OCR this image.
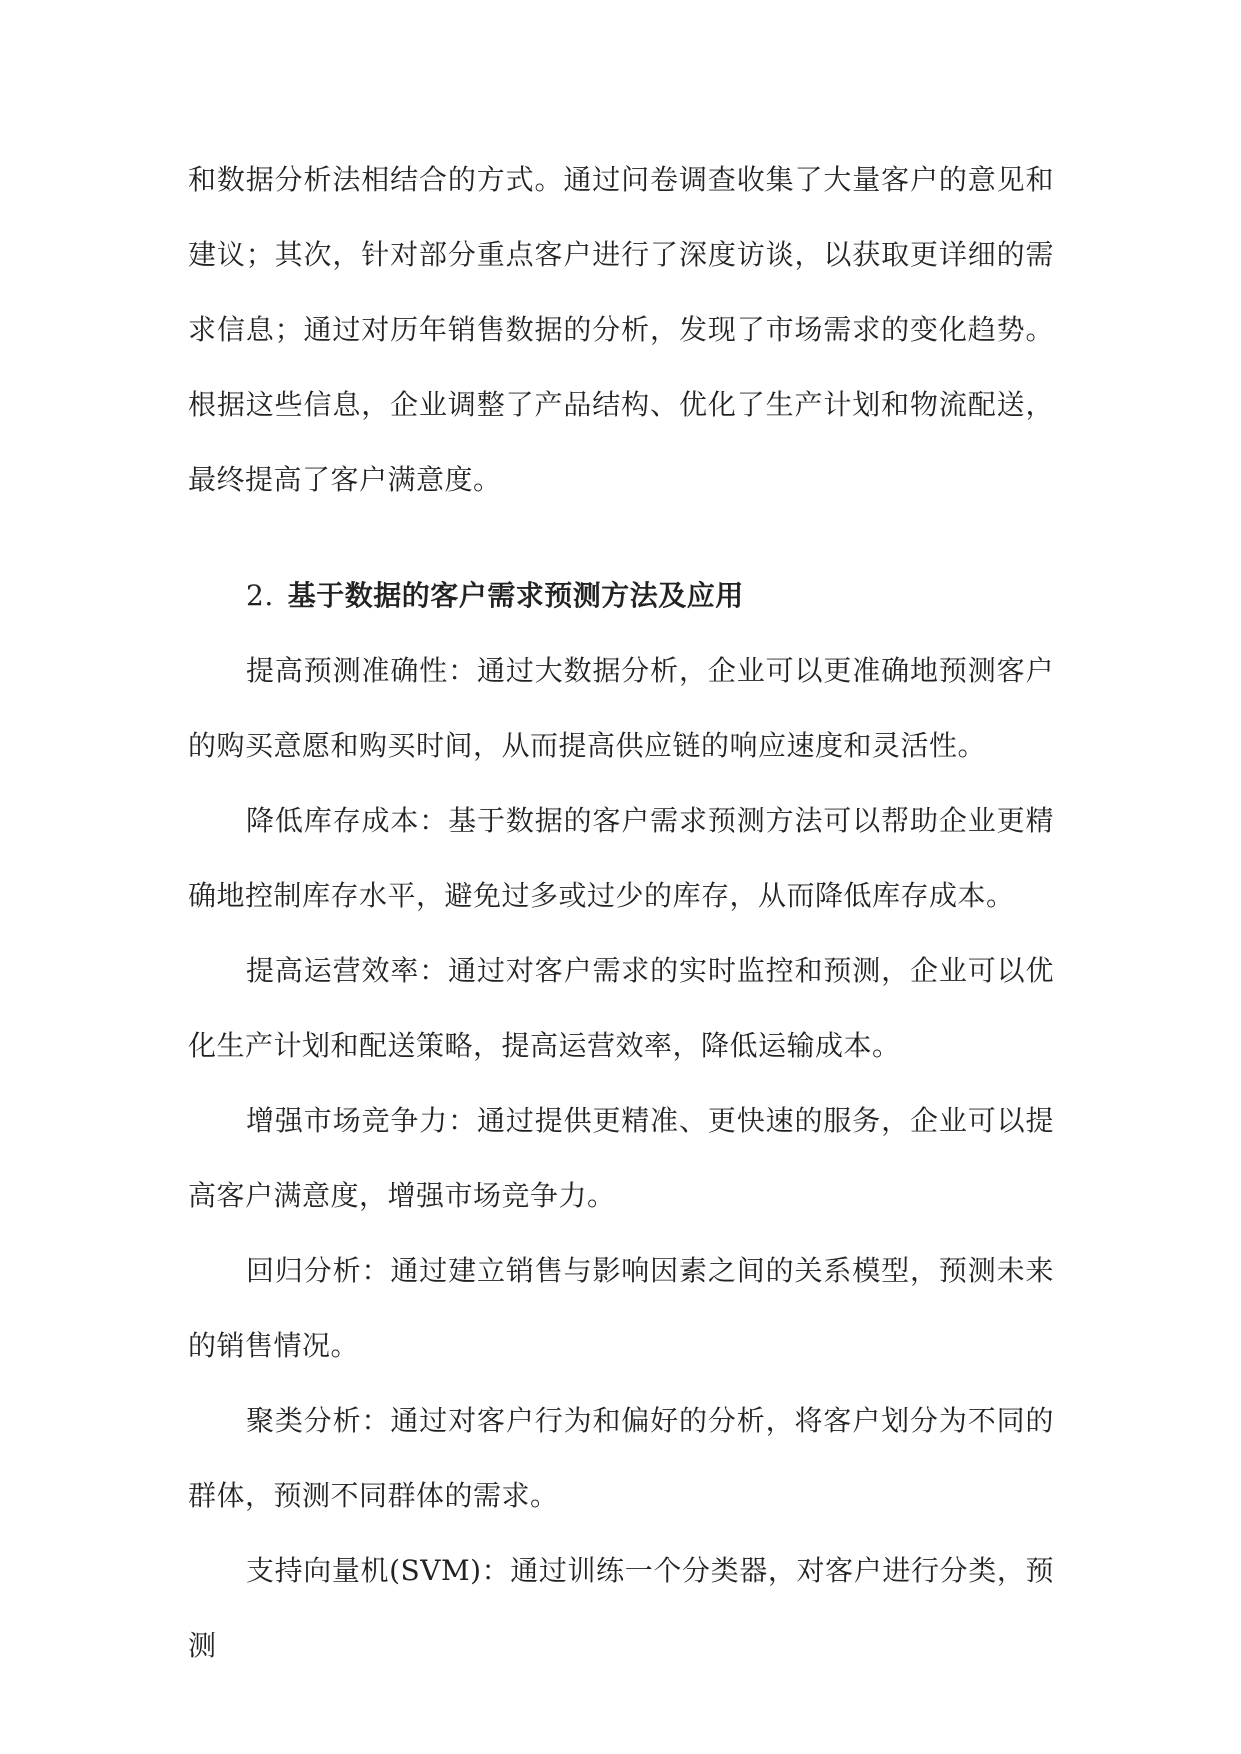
和数据分析法相结合的方式。通过问卷调查收集了大量客户的意见和建议；其次，针对部分重点客户进行了深度访谈，以获取更详细的需求信息；通过对历年销售数据的分析，发现了市场需求的变化趋势。根据这些信息，企业调整了产品结构、优化了生产计划和物流配送，最终提高了客户满意度。

2. 基于数据的客户需求预测方法及应用

提高预测准确性：通过大数据分析，企业可以更准确地预测客户的购买意愿和购买时间，从而提高供应链的响应速度和灵活性。

降低库存成本：基于数据的客户需求预测方法可以帮助企业更精确地控制库存水平，避免过多或过少的库存，从而降低库存成本。

提高运营效率：通过对客户需求的实时监控和预测，企业可以优化生产计划和配送策略，提高运营效率，降低运输成本。

增强市场竞争力：通过提供更精准、更快速的服务，企业可以提高客户满意度，增强市场竞争力。

回归分析：通过建立销售与影响因素之间的关系模型，预测未来的销售情况。

聚类分析：通过对客户行为和偏好的分析，将客户划分为不同的群体，预测不同群体的需求。

支持向量机(SVM)：通过训练一个分类器，对客户进行分类，预测
